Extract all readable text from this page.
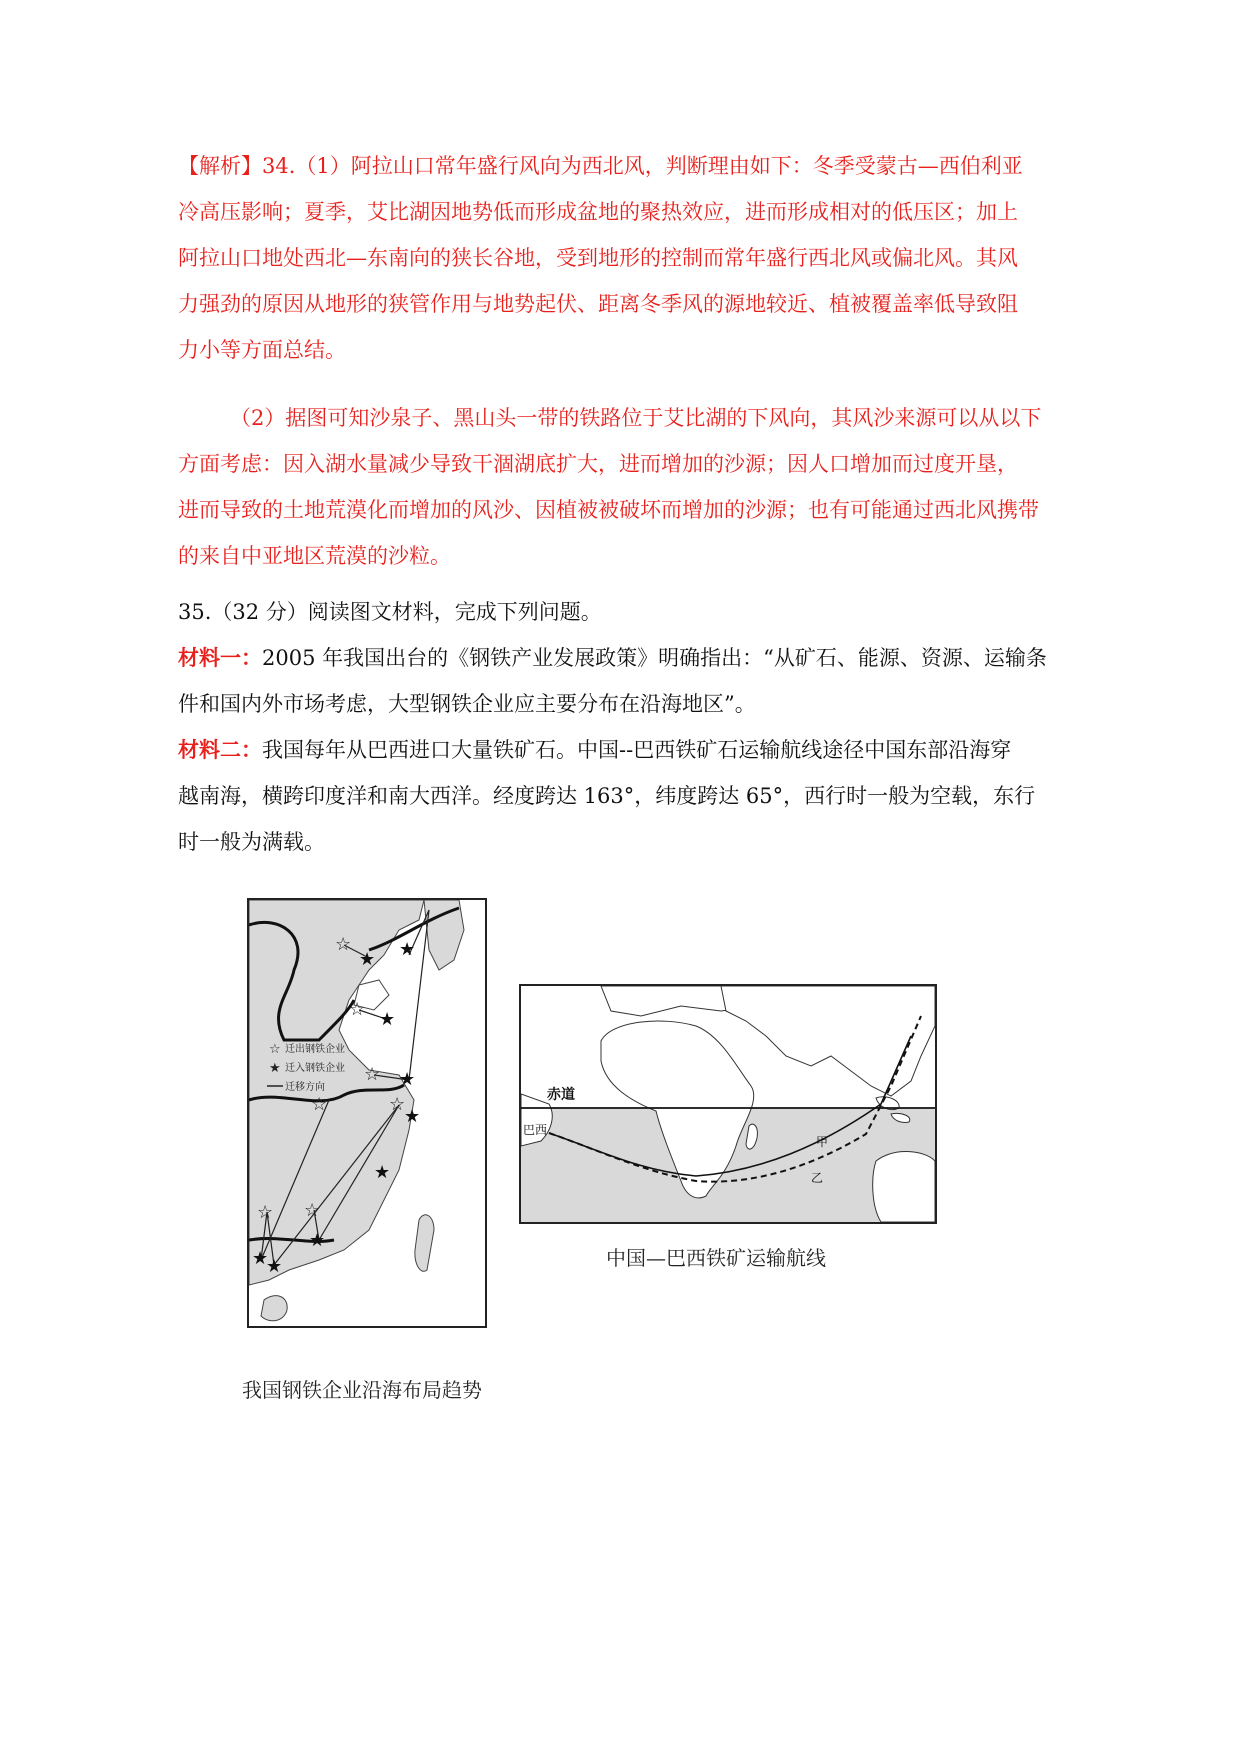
【解析】34.（1）阿拉山口常年盛行风向为西北风，判断理由如下：冬季受蒙古—西伯利亚
冷高压影响；夏季，艾比湖因地势低而形成盆地的聚热效应，进而形成相对的低压区；加上
阿拉山口地处西北—东南向的狭长谷地，受到地形的控制而常年盛行西北风或偏北风。其风
力强劲的原因从地形的狭管作用与地势起伏、距离冬季风的源地较近、植被覆盖率低导致阻
力小等方面总结。
（2）据图可知沙泉子、黑山头一带的铁路位于艾比湖的下风向，其风沙来源可以从以下
方面考虑：因入湖水量减少导致干涸湖底扩大，进而增加的沙源；因人口增加而过度开垦，
进而导致的土地荒漠化而增加的风沙、因植被被破坏而增加的沙源；也有可能通过西北风携带
的来自中亚地区荒漠的沙粒。
35.（32 分）阅读图文材料，完成下列问题。
材料一：2005 年我国出台的《钢铁产业发展政策》明确指出：“从矿石、能源、资源、运输条
件和国内外市场考虑，大型钢铁企业应主要分布在沿海地区”。
材料二：我国每年从巴西进口大量铁矿石。中国--巴西铁矿石运输航线途径中国东部沿海穿
越南海，横跨印度洋和南大西洋。经度跨达 163°，纬度跨达 65°，西行时一般为空载，东行
时一般为满载。
☆ 迁出钢铁企业
★ 迁入钢铁企业
迁移方向
☆
☆
☆
☆	☆
☆ ☆
★
★
★
★
★
★
★
★
★
我国钢铁企业沿海布局趋势
赤道
巴西
甲
乙
中国—巴西铁矿运输航线
